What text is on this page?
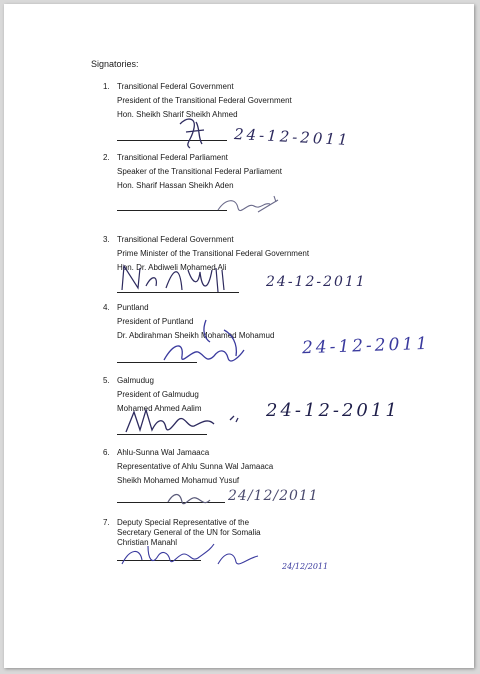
Signatories:
1. Transitional Federal Government
President of the Transitional Federal Government
Hon. Sheikh Sharif Sheikh Ahmed
24-12-2011
2. Transitional Federal Parliament
Speaker of the Transitional Federal Parliament
Hon. Sharif Hassan Sheikh Aden
3. Transitional Federal Government
Prime Minister of the Transitional Federal Government
Hon. Dr. Abdiweli Mohamed Ali
24-12-2011
4. Puntland
President of Puntland
Dr. Abdirahman Sheikh Mohamed Mohamud	24-12-2011
5. Galmudug
President of Galmudug
Mohamed Ahmed Aalim	24-12-2011
6. Ahlu-Sunna Wal Jamaaca
Representative of Ahlu Sunna Wal Jamaaca
Sheikh Mohamed Mohamud Yusuf
24/12/2011
7. Deputy Special Representative of the
Secretary General of the UN for Somalia
Christian Manahl
24/12/2011
